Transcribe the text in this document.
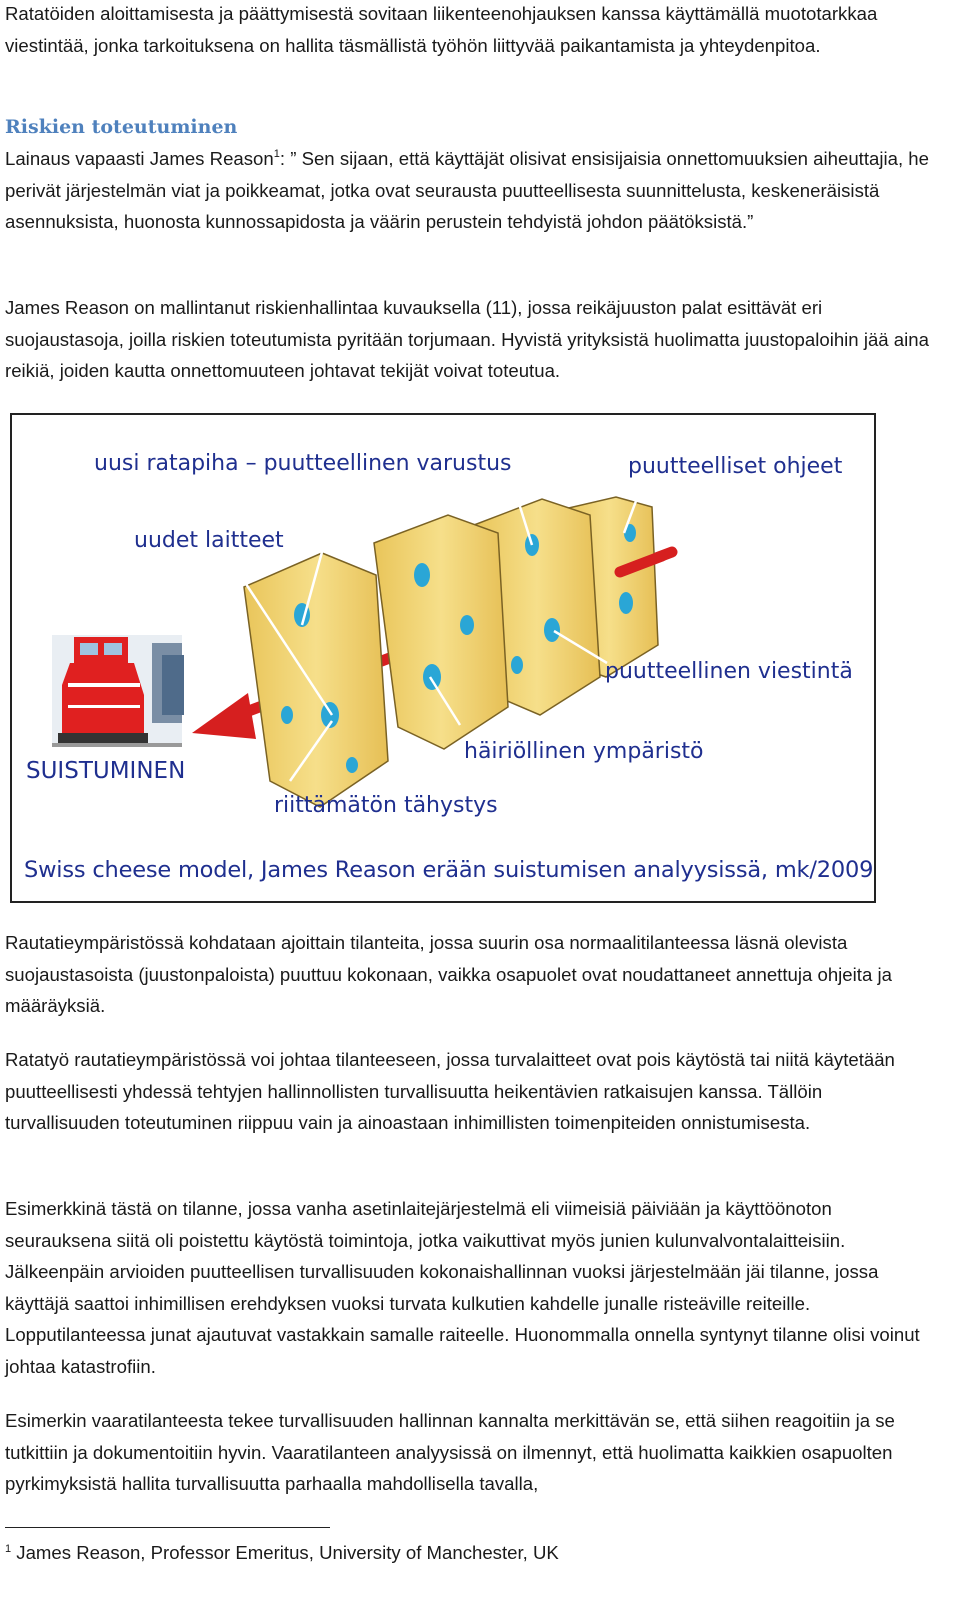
Ratatöiden aloittamisesta ja päättymisestä sovitaan liikenteenohjauksen kanssa käyttämällä muototarkkaa viestintää, jonka tarkoituksena on hallita täsmällistä työhön liittyvää paikantamista ja yhteydenpitoa.

Riskien toteutuminen

Lainaus vapaasti James Reason$^1$: ” Sen sijaan, että käyttäjät olisivat ensisijaisia onnettomuuksien aiheuttajia, he perivät järjestelmän viat ja poikkeamat, jotka ovat seurausta puutteellisesta suunnittelusta, keskeneräisistä asennuksista, huonosta kunnossapidosta ja väärin perustein tehdyistä johdon päätöksistä.”

James Reason on mallintanut riskienhallintaa kuvauksella (11), jossa reikäjuuston palat esittävät eri suojaustasoja, joilla riskien toteutumista pyritään torjumaan. Hyvistä yrityksistä huolimatta juustopaloihin jää aina reikiä, joiden kautta onnettomuuteen johtavat tekijät voivat toteutua.

uusi ratapiha – puutteellinen varustus	puutteelliset ohjeet
uudet laitteet
puutteellinen viestintä
häiriöllinen ympäristö
SUISTUMINEN
riittämätön tähystys
Swiss cheese model, James Reason erään suistumisen analyysissä, mk/2009

Rautatieympäristössä kohdataan ajoittain tilanteita, jossa suurin osa normaalitilanteessa läsnä olevista suojaustasoista (juustonpaloista) puuttuu kokonaan, vaikka osapuolet ovat noudattaneet annettuja ohjeita ja määräyksiä.

Ratatyö rautatieympäristössä voi johtaa tilanteeseen, jossa turvalaitteet ovat pois käytöstä tai niitä käytetään puutteellisesti yhdessä tehtyjen hallinnollisten turvallisuutta heikentävien ratkaisujen kanssa. Tällöin turvallisuuden toteutuminen riippuu vain ja ainoastaan inhimillisten toimenpiteiden onnistumisesta.

Esimerkkinä tästä on tilanne, jossa vanha asetinlaitejärjestelmä eli viimeisiä päiviään ja käyttöönoton seurauksena siitä oli poistettu käytöstä toimintoja, jotka vaikuttivat myös junien kulunvalvontalaitteisiin. Jälkeenpäin arvioiden puutteellisen turvallisuuden kokonaishallinnan vuoksi järjestelmään jäi tilanne, jossa käyttäjä saattoi inhimillisen erehdyksen vuoksi turvata kulkutien kahdelle junalle risteäville reiteille. Lopputilanteessa junat ajautuvat vastakkain samalle raiteelle. Huonommalla onnella syntynyt tilanne olisi voinut johtaa katastrofiin.

Esimerkin vaaratilanteesta tekee turvallisuuden hallinnan kannalta merkittävän se, että siihen reagoitiin ja se tutkittiin ja dokumentoitiin hyvin. Vaaratilanteen analyysissä on ilmennyt, että huolimatta kaikkien osapuolten pyrkimyksistä hallita turvallisuutta parhaalla mahdollisella tavalla,

$^1$ James Reason, Professor Emeritus, University of Manchester, UK
